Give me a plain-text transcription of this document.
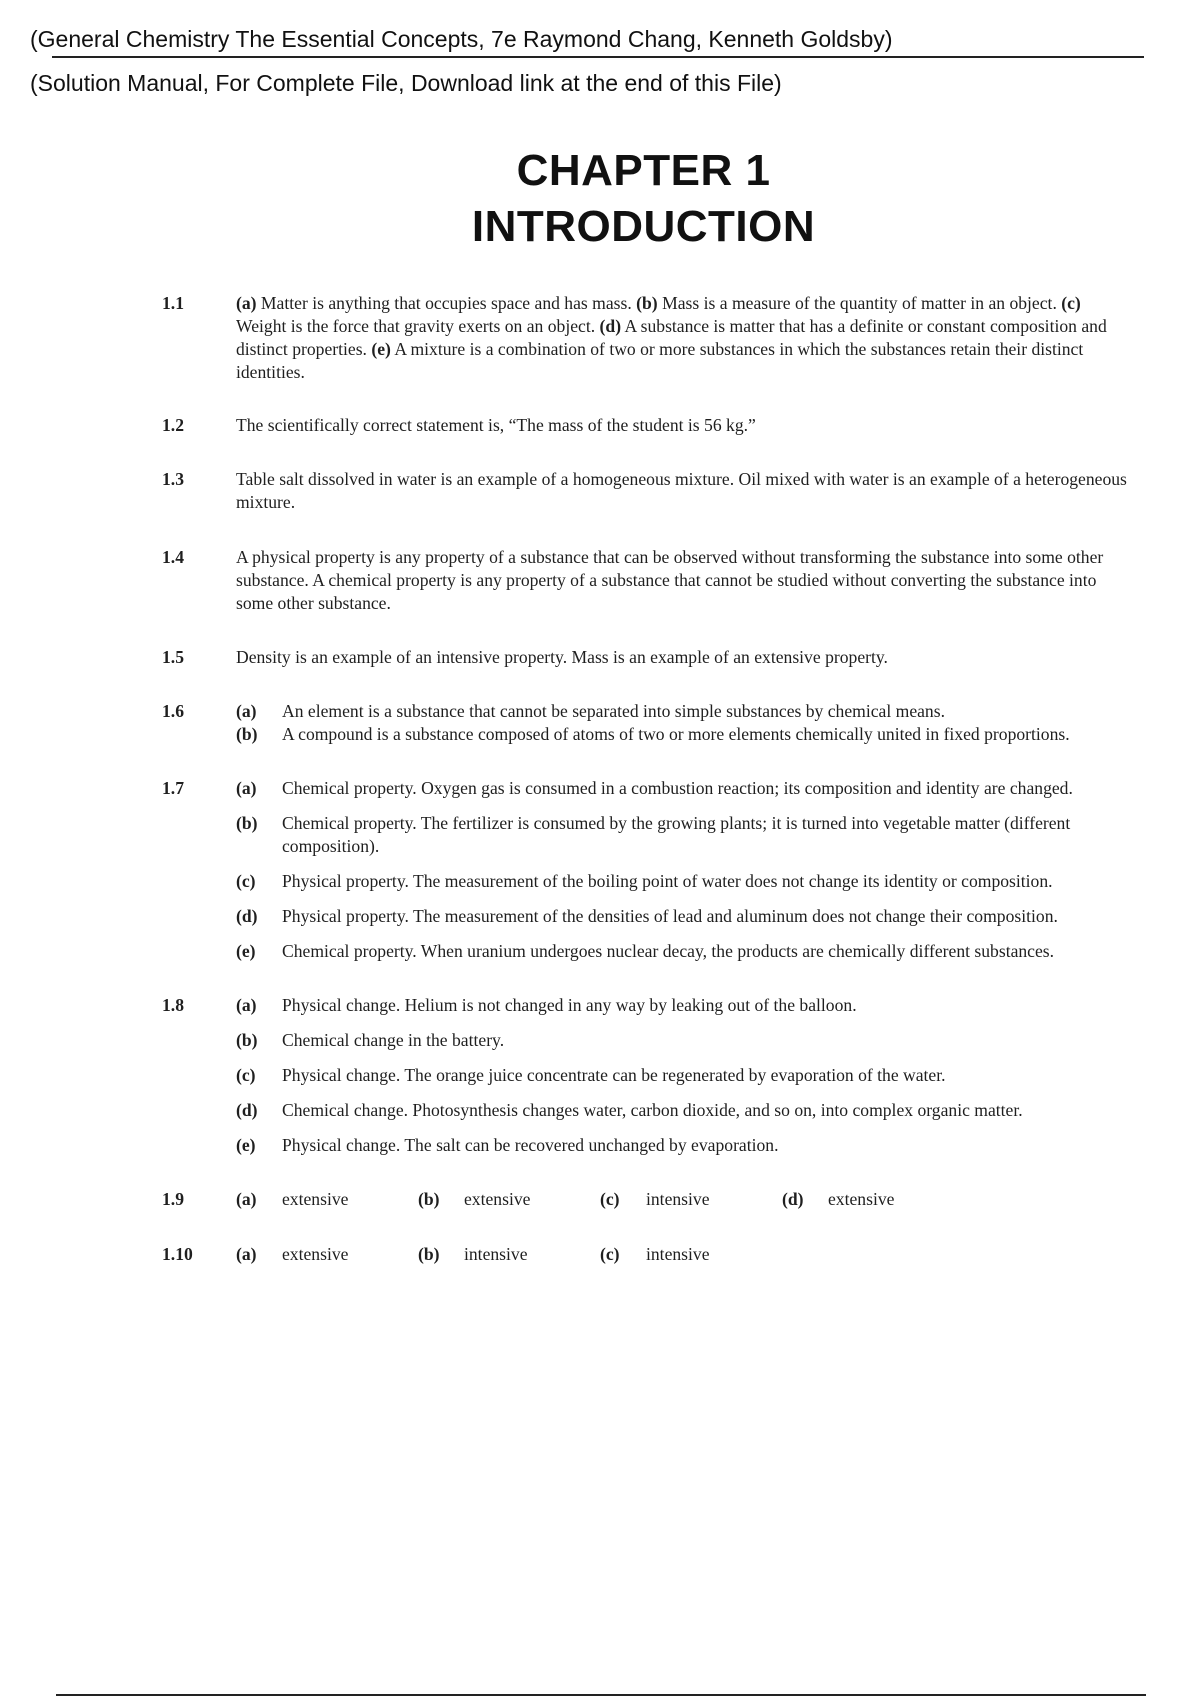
(General Chemistry The Essential Concepts, 7e Raymond Chang, Kenneth Goldsby)
(Solution Manual, For Complete File, Download link at the end of this File)
CHAPTER 1
INTRODUCTION
1.1	(a) Matter is anything that occupies space and has mass. (b) Mass is a measure of the quantity of matter in an object. (c) Weight is the force that gravity exerts on an object. (d) A substance is matter that has a definite or constant composition and distinct properties. (e) A mixture is a combination of two or more substances in which the substances retain their distinct identities.
1.2	The scientifically correct statement is, “The mass of the student is 56 kg.”
1.3	Table salt dissolved in water is an example of a homogeneous mixture. Oil mixed with water is an example of a heterogeneous mixture.
1.4	A physical property is any property of a substance that can be observed without transforming the substance into some other substance. A chemical property is any property of a substance that cannot be studied without converting the substance into some other substance.
1.5	Density is an example of an intensive property. Mass is an example of an extensive property.
1.6	(a)	An element is a substance that cannot be separated into simple substances by chemical means.
(b)	A compound is a substance composed of atoms of two or more elements chemically united in fixed proportions.
1.7	(a)	Chemical property. Oxygen gas is consumed in a combustion reaction; its composition and identity are changed.
(b)	Chemical property. The fertilizer is consumed by the growing plants; it is turned into vegetable matter (different composition).
(c)	Physical property. The measurement of the boiling point of water does not change its identity or composition.
(d)	Physical property. The measurement of the densities of lead and aluminum does not change their composition.
(e)	Chemical property. When uranium undergoes nuclear decay, the products are chemically different substances.
1.8	(a)	Physical change. Helium is not changed in any way by leaking out of the balloon.
(b)	Chemical change in the battery.
(c)	Physical change. The orange juice concentrate can be regenerated by evaporation of the water.
(d)	Chemical change. Photosynthesis changes water, carbon dioxide, and so on, into complex organic matter.
(e)	Physical change. The salt can be recovered unchanged by evaporation.
1.9	(a)	extensive	(b)	extensive	(c)	intensive	(d)	extensive
1.10	(a)	extensive	(b)	intensive	(c)	intensive
